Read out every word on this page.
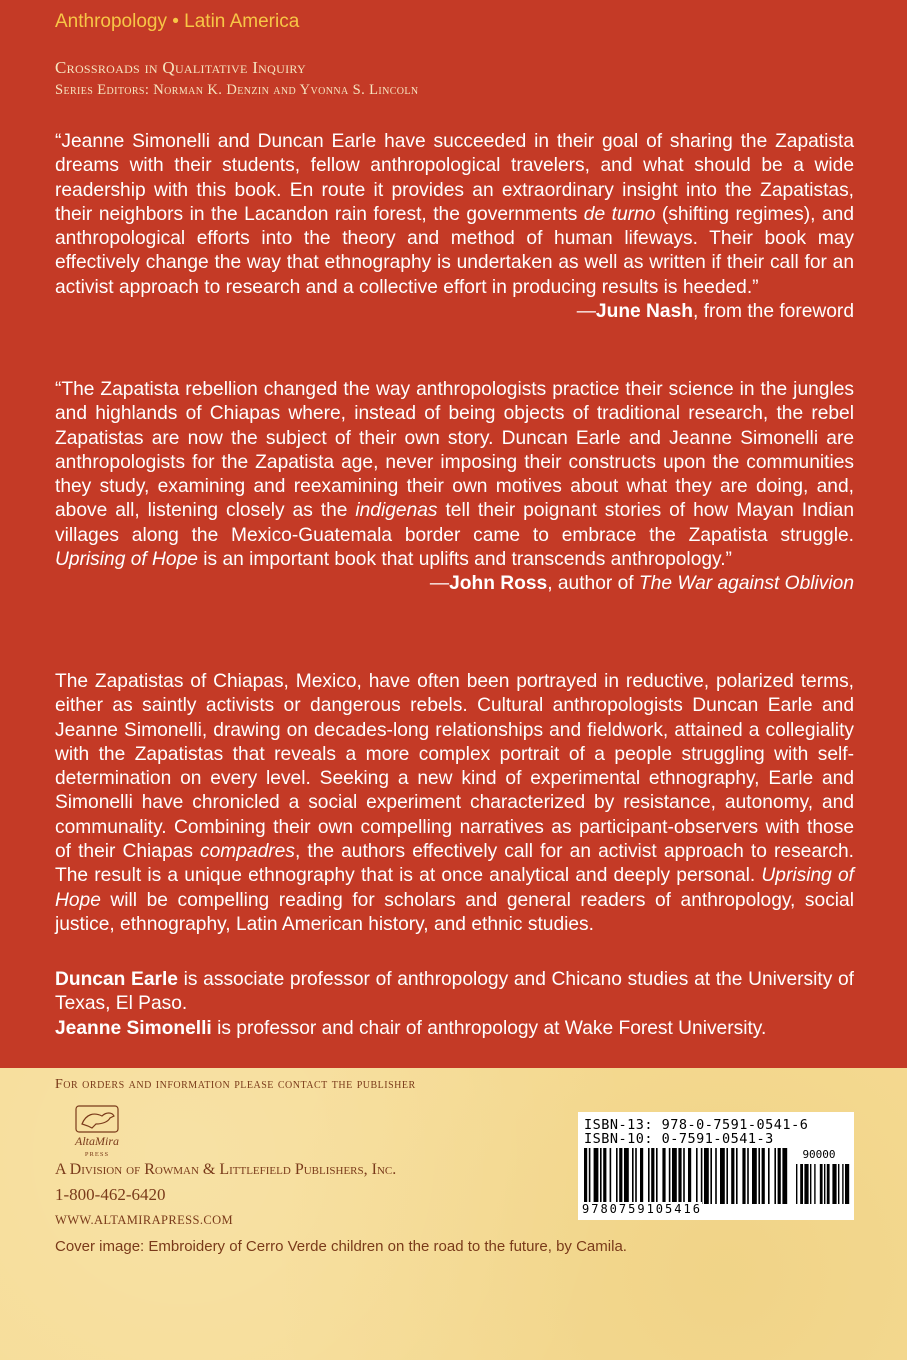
Anthropology • Latin America
Crossroads in Qualitative Inquiry
Series Editors: Norman K. Denzin and Yvonna S. Lincoln
“Jeanne Simonelli and Duncan Earle have succeeded in their goal of sharing the Zapatista dreams with their students, fellow anthropological travelers, and what should be a wide readership with this book. En route it provides an extraordinary insight into the Zapatistas, their neighbors in the Lacandon rain forest, the governments de turno (shifting regimes), and anthropological efforts into the theory and method of human lifeways. Their book may effectively change the way that ethnography is undertaken as well as written if their call for an activist approach to research and a collective effort in producing results is heeded.”
—June Nash, from the foreword
“The Zapatista rebellion changed the way anthropologists practice their science in the jungles and highlands of Chiapas where, instead of being objects of traditional research, the rebel Zapatistas are now the subject of their own story. Duncan Earle and Jeanne Simonelli are anthropologists for the Zapatista age, never imposing their constructs upon the communities they study, examining and reexamining their own motives about what they are doing, and, above all, listening closely as the indigenas tell their poignant stories of how Mayan Indian villages along the Mexico-Guatemala border came to embrace the Zapatista struggle. Uprising of Hope is an important book that uplifts and transcends anthropology.”
—John Ross, author of The War against Oblivion
The Zapatistas of Chiapas, Mexico, have often been portrayed in reductive, polarized terms, either as saintly activists or dangerous rebels. Cultural anthropologists Duncan Earle and Jeanne Simonelli, drawing on decades-long relationships and fieldwork, attained a collegiality with the Zapatistas that reveals a more complex portrait of a people struggling with self-determination on every level. Seeking a new kind of experimental ethnography, Earle and Simonelli have chronicled a social experiment characterized by resistance, autonomy, and communality. Combining their own compelling narratives as participant-observers with those of their Chiapas compadres, the authors effectively call for an activist approach to research. The result is a unique ethnography that is at once analytical and deeply personal. Uprising of Hope will be compelling reading for scholars and general readers of anthropology, social justice, ethnography, Latin American history, and ethnic studies.
Duncan Earle is associate professor of anthropology and Chicano studies at the University of Texas, El Paso.
Jeanne Simonelli is professor and chair of anthropology at Wake Forest University.
For orders and information please contact the publisher
AltaMira
PRESS
A Division of Rowman & Littlefield Publishers, Inc.
1-800-462-6420
WWW.ALTAMIRAPRESS.COM
Cover image: Embroidery of Cerro Verde children on the road to the future, by Camila.
ISBN-13: 978-0-7591-0541-6
ISBN-10: 0-7591-0541-3
90000
9780759105416
